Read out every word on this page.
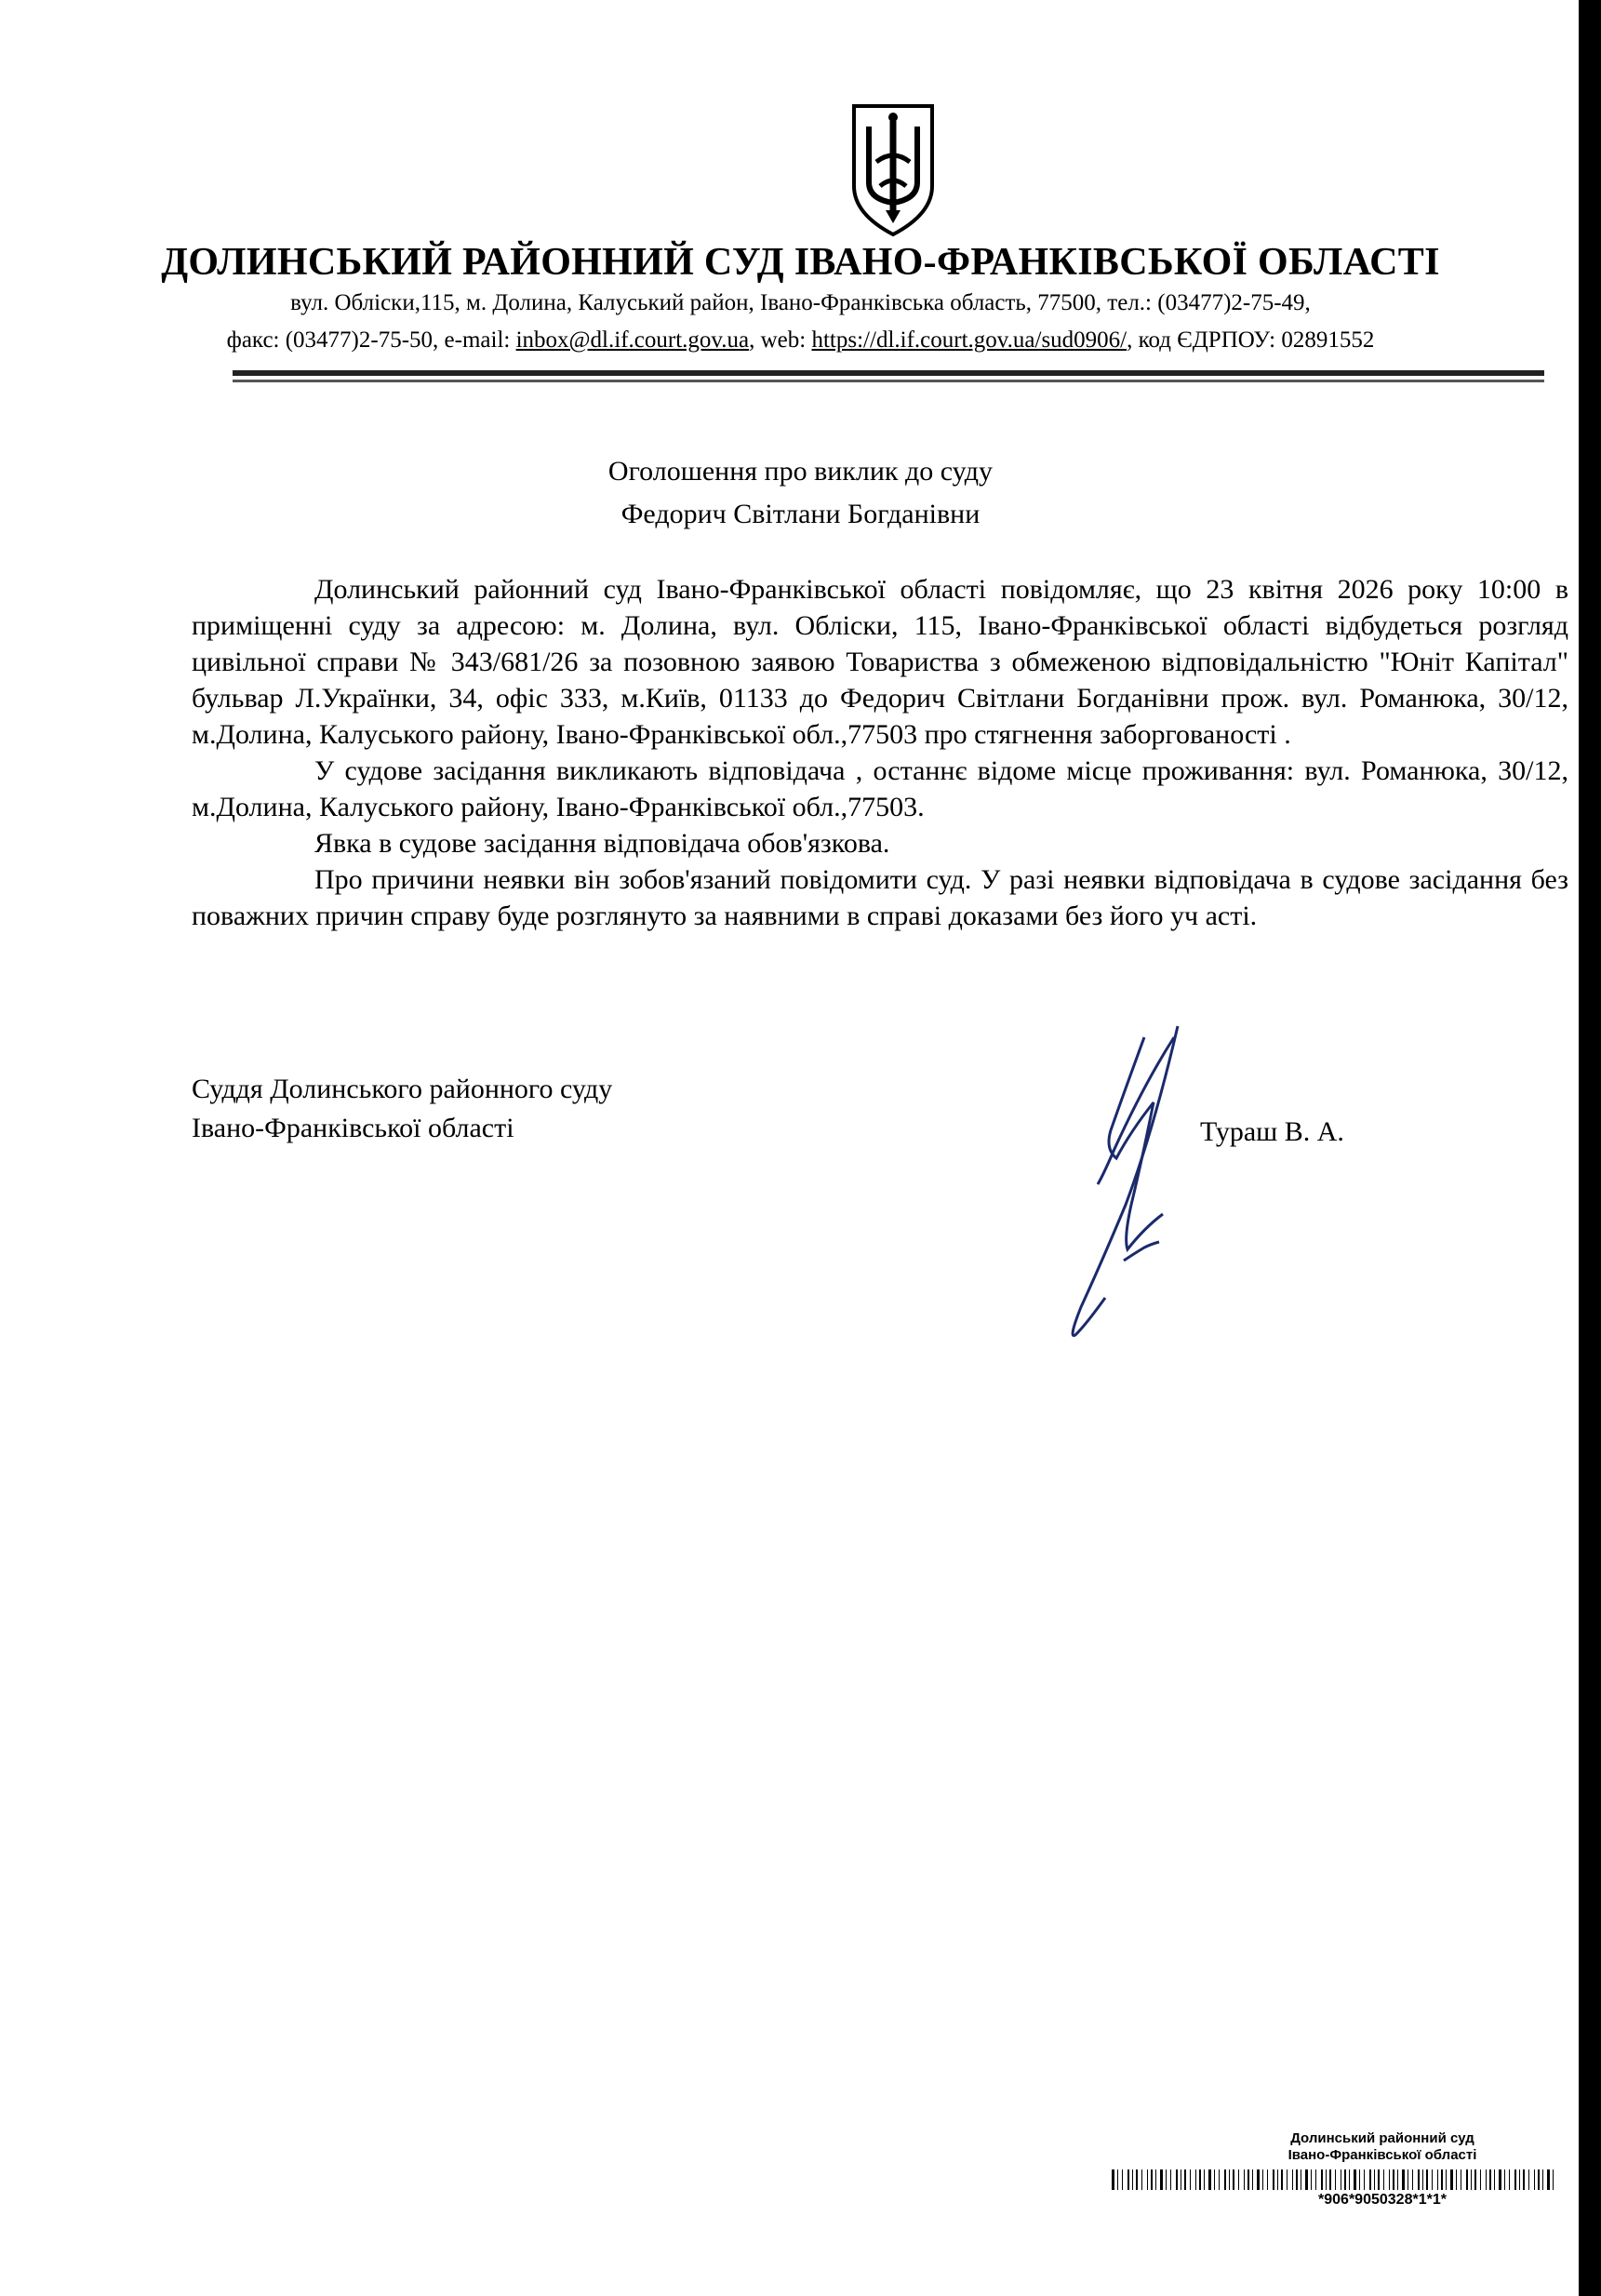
ДОЛИНСЬКИЙ РАЙОННИЙ СУД ІВАНО-ФРАНКІВСЬКОЇ ОБЛАСТІ
вул. Обліски,115, м. Долина, Калуський район, Івано-Франківська область, 77500, тел.: (03477)2-75-49,
факс: (03477)2-75-50, e-mail: inbox@dl.if.court.gov.ua, web: https://dl.if.court.gov.ua/sud0906/, код ЄДРПОУ: 02891552
Оголошення про виклик до суду
Федорич Світлани Богданівни

Долинський районний суд Івано-Франківської області повідомляє, що 23 квітня 2026 року 10:00 в приміщенні суду за адресою: м. Долина, вул. Обліски, 115, Івано-Франківської області відбудеться розгляд цивільної справи № 343/681/26 за позовною заявою Товариства з обмеженою відповідальністю "Юніт Капітал" бульвар Л.Українки, 34, офіс 333, м.Київ, 01133 до Федорич Світлани Богданівни прож. вул. Романюка, 30/12, м.Долина, Калуського району, Івано-Франківської обл.,77503 про стягнення заборгованості .

У судове засідання викликають відповідача , останнє відоме місце проживання: вул. Романюка, 30/12, м.Долина, Калуського району, Івано-Франківської обл.,77503.

Явка в судове засідання відповідача обов'язкова.

Про причини неявки він зобов'язаний повідомити суд. У разі неявки відповідача в судове засідання без поважних причин справу буде розглянуто за наявними в справі доказами без його уч асті.

Суддя Долинського районного суду
Івано-Франківської області	Тураш В. А.
Долинський районний суд
Івано-Франківської області
*906*9050328*1*1*
